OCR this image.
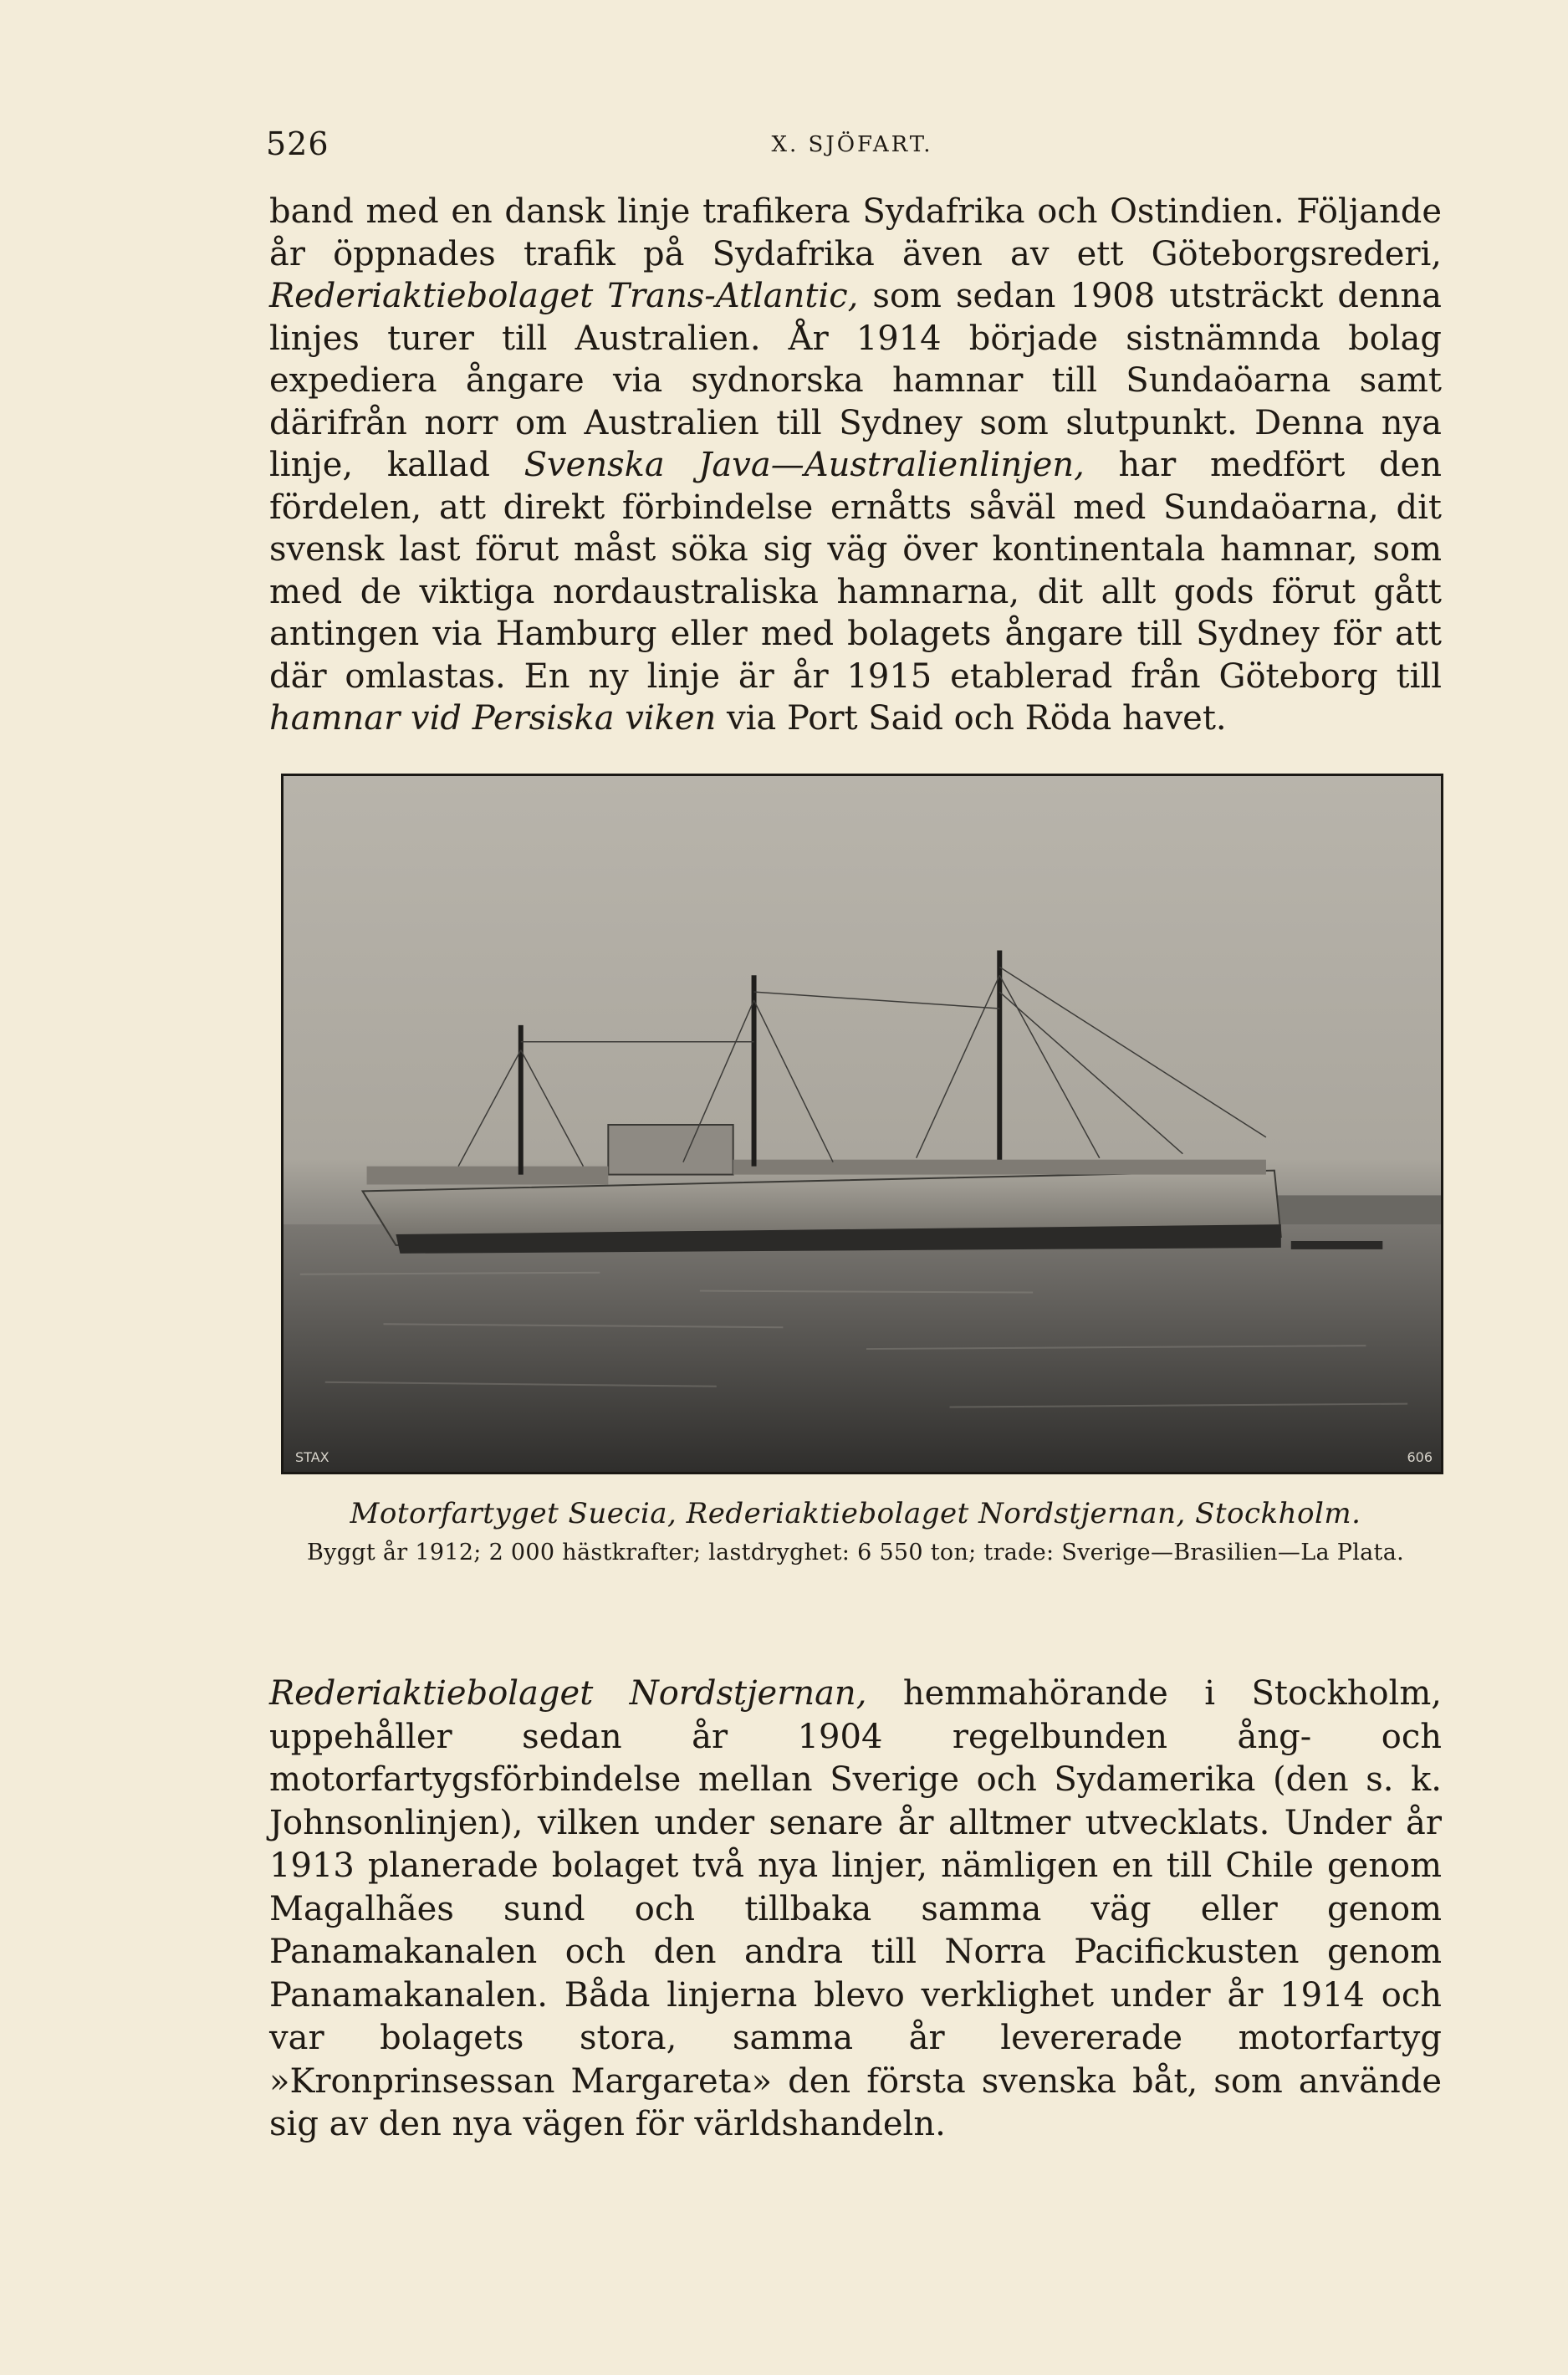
526	X. SJÖFART.

band med en dansk linje trafikera Sydafrika och Ostindien. Följande år öppnades trafik på Sydafrika även av ett Göteborgsrederi, Rederiaktiebolaget Trans-Atlantic, som sedan 1908 utsträckt denna linjes turer till Australien. År 1914 började sistnämnda bolag expediera ångare via sydnorska hamnar till Sundaöarna samt därifrån norr om Australien till Sydney som slutpunkt. Denna nya linje, kallad Svenska Java—Australienlinjen, har medfört den fördelen, att direkt förbindelse ernåtts såväl med Sundaöarna, dit svensk last förut måst söka sig väg över kontinentala hamnar, som med de viktiga nordaustraliska hamnarna, dit allt gods förut gått antingen via Hamburg eller med bolagets ångare till Sydney för att där omlastas. En ny linje är år 1915 etablerad från Göteborg till hamnar vid Persiska viken via Port Said och Röda havet.

STAX	606
Motorfartyget Suecia, Rederiaktiebolaget Nordstjernan, Stockholm.
Byggt år 1912; 2 000 hästkrafter; lastdryghet: 6 550 ton; trade: Sverige—Brasilien—La Plata.

Rederiaktiebolaget Nordstjernan, hemmahörande i Stockholm, uppehåller sedan år 1904 regelbunden ång- och motorfartygsförbindelse mellan Sverige och Sydamerika (den s. k. Johnsonlinjen), vilken under senare år alltmer utvecklats. Under år 1913 planerade bolaget två nya linjer, nämligen en till Chile genom Magalhães sund och tillbaka samma väg eller genom Panamakanalen och den andra till Norra Pacifickusten genom Panamakanalen. Båda linjerna blevo verklighet under år 1914 och var bolagets stora, samma år levererade motorfartyg »Kronprinsessan Margareta» den första svenska båt, som använde sig av den nya vägen för världshandeln.
